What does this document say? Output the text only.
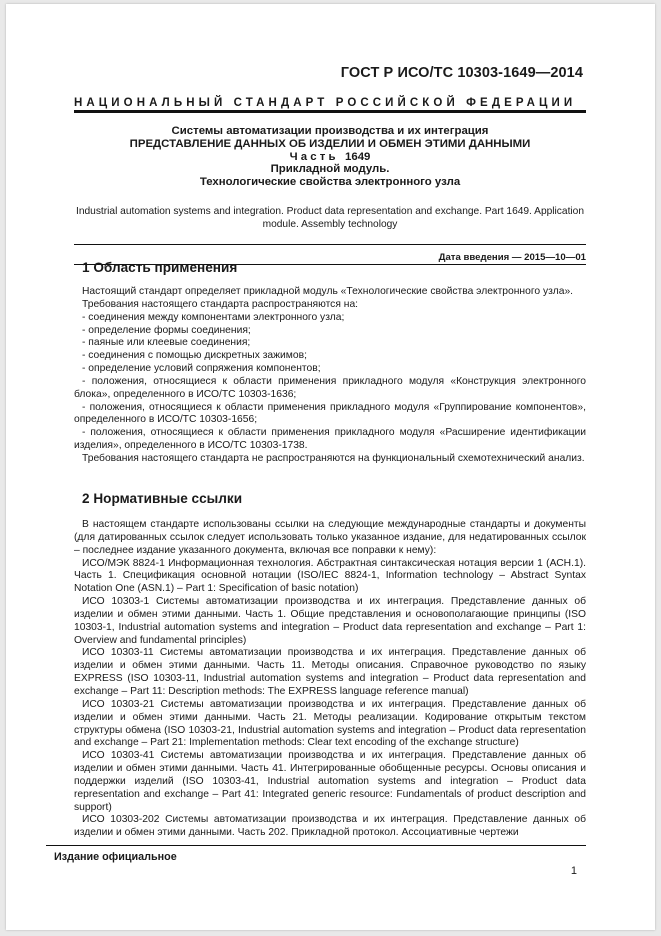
ГОСТ Р ИСО/ТС 10303-1649—2014
НАЦИОНАЛЬНЫЙ СТАНДАРТ РОССИЙСКОЙ ФЕДЕРАЦИИ
Системы автоматизации производства и их интеграция
ПРЕДСТАВЛЕНИЕ ДАННЫХ ОБ ИЗДЕЛИИ И ОБМЕН ЭТИМИ ДАННЫМИ
Ч а с т ь   1649
Прикладной модуль.
Технологические свойства электронного узла
Industrial automation systems and integration. Product data representation and exchange. Part 1649. Application module. Assembly technology
Дата введения — 2015—10—01
1 Область применения

Настоящий стандарт определяет прикладной модуль «Технологические свойства электронного узла».

Требования настоящего стандарта распространяются на:

- соединения между компонентами электронного узла;

- определение формы соединения;

- паяные или клеевые соединения;

- соединения с помощью дискретных зажимов;

- определение условий сопряжения компонентов;

- положения, относящиеся к области применения прикладного модуля «Конструкция электронного блока», определенного в ИСО/ТС 10303-1636;

- положения, относящиеся к области применения прикладного модуля «Группирование компонентов», определенного в ИСО/ТС 10303-1656;

- положения, относящиеся к области применения прикладного модуля «Расширение идентификации изделия», определенного в ИСО/ТС 10303-1738.

Требования настоящего стандарта не распространяются на функциональный схемотехнический анализ.

2 Нормативные ссылки

В настоящем стандарте использованы ссылки на следующие международные стандарты и документы (для датированных ссылок следует использовать только указанное издание, для недатированных ссылок – последнее издание указанного документа, включая все поправки к нему):

ИСО/МЭК 8824-1 Информационная технология. Абстрактная синтаксическая нотация версии 1 (АСН.1). Часть 1. Спецификация основной нотации (ISO/IEC 8824-1, Information technology – Abstract Syntax Notation One (ASN.1) – Part 1: Specification of basic notation)

ИСО 10303-1 Системы автоматизации производства и их интеграция. Представление данных об изделии и обмен этими данными. Часть 1. Общие представления и основополагающие принципы (ISO 10303-1, Industrial automation systems and integration – Product data representation and exchange – Part 1: Overview and fundamental principles)

ИСО 10303-11 Системы автоматизации производства и их интеграция. Представление данных об изделии и обмен этими данными. Часть 11. Методы описания. Справочное руководство по языку EXPRESS (ISO 10303-11, Industrial automation systems and integration – Product data representation and exchange – Part 11: Description methods: The EXPRESS language reference manual)

ИСО 10303-21 Системы автоматизации производства и их интеграция. Представление данных об изделии и обмен этими данными. Часть 21. Методы реализации. Кодирование открытым текстом структуры обмена (ISO 10303-21, Industrial automation systems and integration – Product data representation and exchange – Part 21: Implementation methods: Clear text encoding of the exchange structure)

ИСО 10303-41 Системы автоматизации производства и их интеграция. Представление данных об изделии и обмен этими данными. Часть 41. Интегрированные обобщенные ресурсы. Основы описания и поддержки изделий (ISO 10303-41, Industrial automation systems and integration – Product data representation and exchange – Part 41: Integrated generic resource: Fundamentals of product description and support)

ИСО 10303-202 Системы автоматизации производства и их интеграция. Представление данных об изделии и обмен этими данными. Часть 202. Прикладной протокол. Ассоциативные чертежи

Издание официальное
1
